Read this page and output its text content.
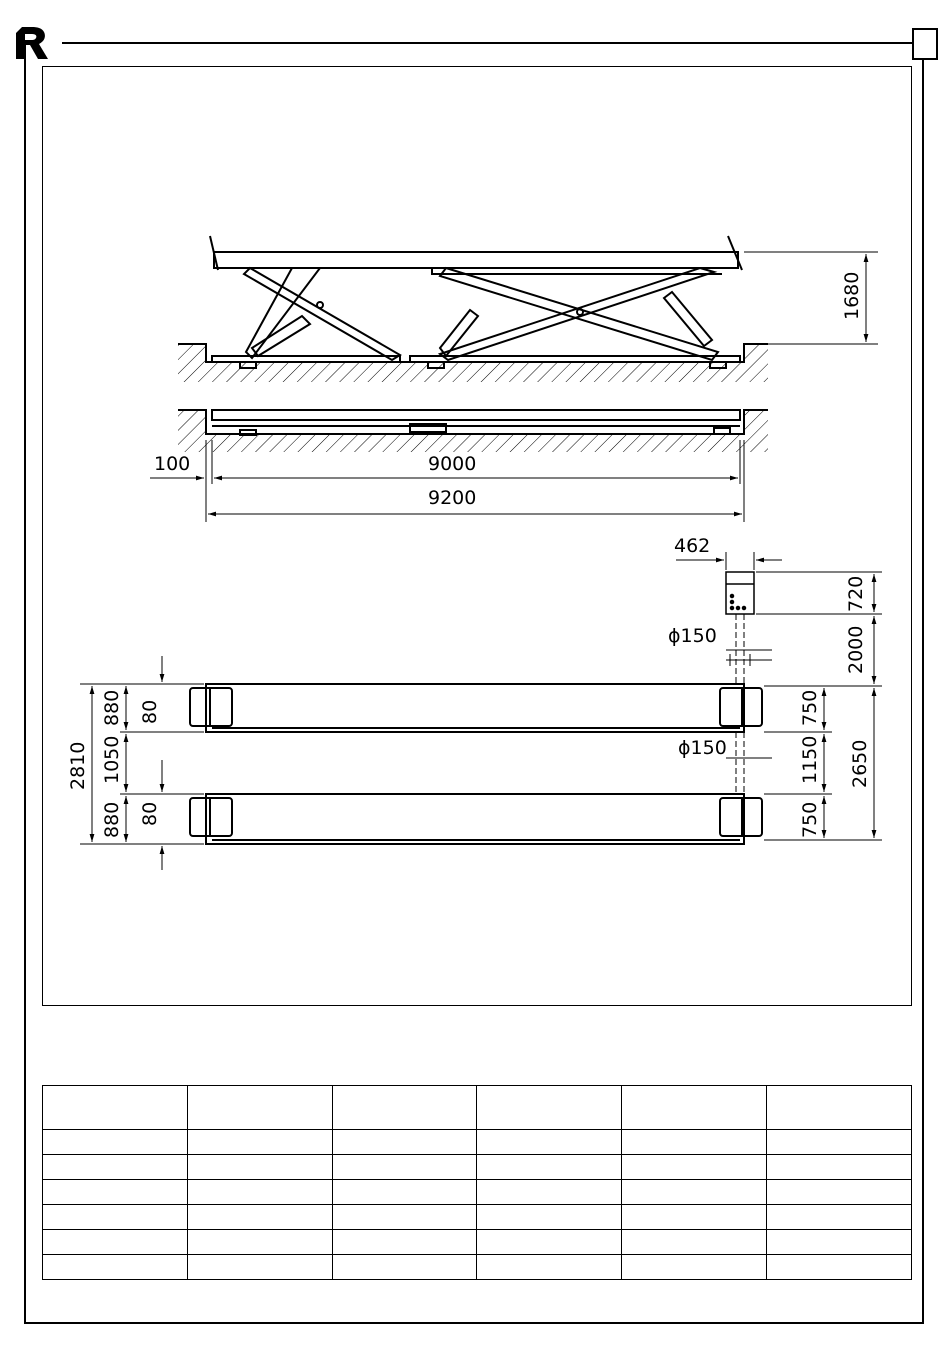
1680
100	9000
9200
462
720
2000
ϕ150
ϕ150
2810
880
1050
880
80
80
750
1150
750
2650
